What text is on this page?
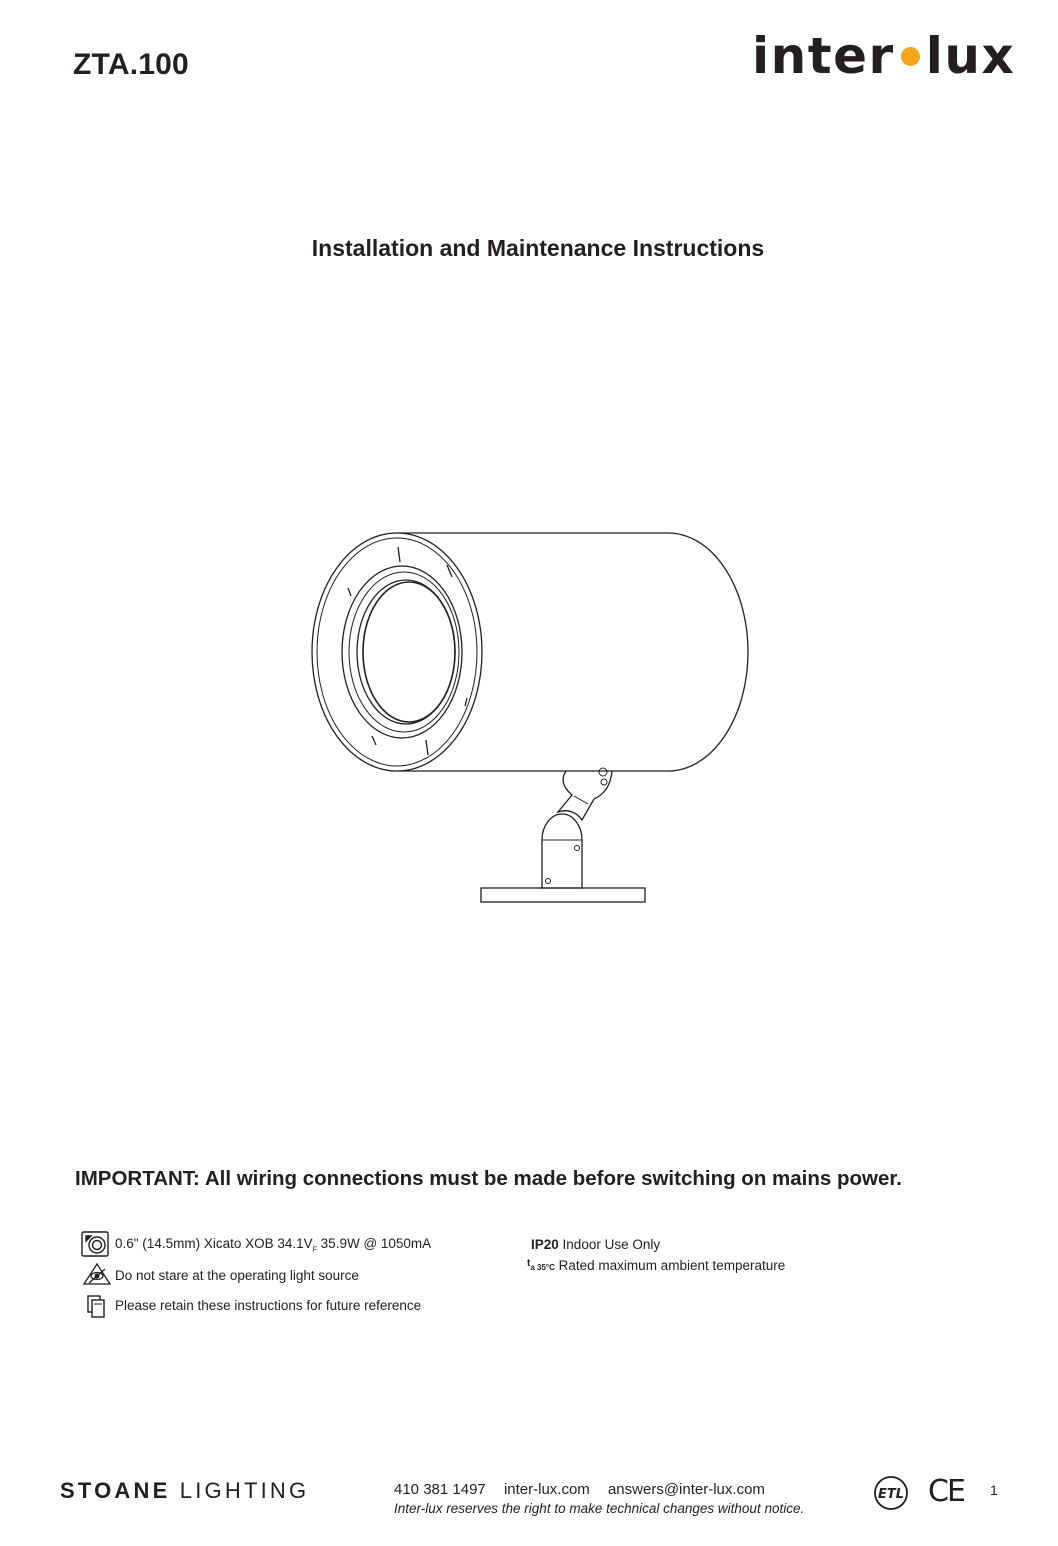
ZTA.100	inter lux
Installation and Maintenance Instructions
IMPORTANT: All wiring connections must be made before switching on mains power.
0.6" (14.5mm) Xicato XOB $34.1V_F$ 35.9W @ 1050mA
Do not stare at the operating light source
Please retain these instructions for future reference
IP20 Indoor Use Only
$^t$a 35°C Rated maximum ambient temperature
STOANE LIGHTING	410 381 1497 inter-lux.com answers@inter-lux.com
Inter-lux reserves the right to make technical changes without notice.
ETL CE 1
